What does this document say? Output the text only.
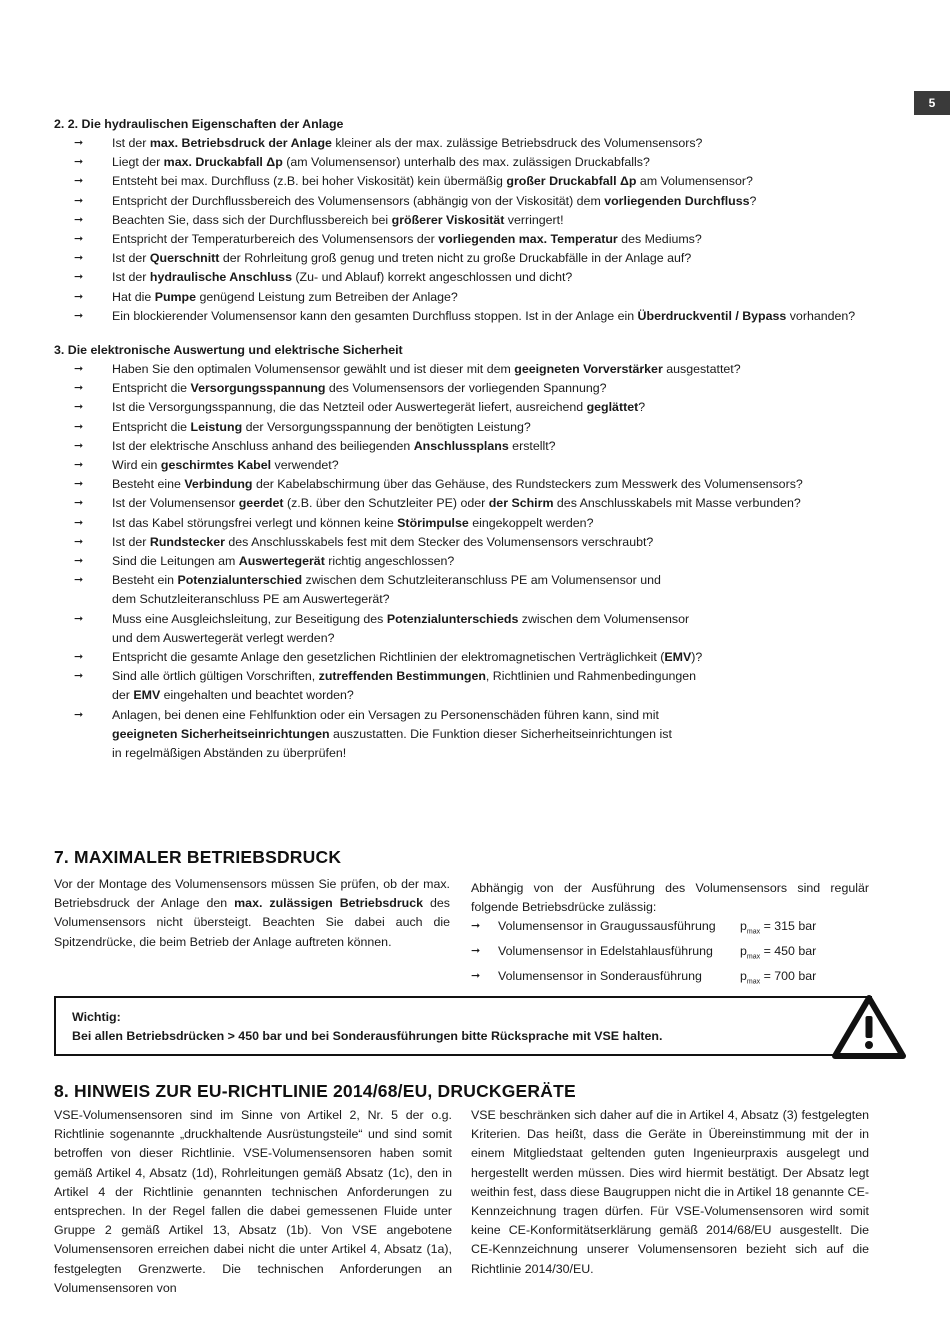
5
2. 2. Die hydraulischen Eigenschaften der Anlage
➞ Ist der max. Betriebsdruck der Anlage kleiner als der max. zulässige Betriebsdruck des Volumensensors?
➞ Liegt der max. Druckabfall Δp (am Volumensensor) unterhalb des max. zulässigen Druckabfalls?
➞ Entsteht bei max. Durchfluss (z.B. bei hoher Viskosität) kein übermäßig großer Druckabfall Δp am Volumensensor?
➞ Entspricht der Durchflussbereich des Volumensensors (abhängig von der Viskosität) dem vorliegenden Durchfluss?
➞ Beachten Sie, dass sich der Durchflussbereich bei größerer Viskosität verringert!
➞ Entspricht der Temperaturbereich des Volumensensors der vorliegenden max. Temperatur des Mediums?
➞ Ist der Querschnitt der Rohrleitung groß genug und treten nicht zu große Druckabfälle in der Anlage auf?
➞ Ist der hydraulische Anschluss (Zu- und Ablauf) korrekt angeschlossen und dicht?
➞ Hat die Pumpe genügend Leistung zum Betreiben der Anlage?
➞ Ein blockierender Volumensensor kann den gesamten Durchfluss stoppen. Ist in der Anlage ein Überdruckventil / Bypass vorhanden?
3. Die elektronische Auswertung und elektrische Sicherheit
➞ Haben Sie den optimalen Volumensensor gewählt und ist dieser mit dem geeigneten Vorverstärker ausgestattet?
➞ Entspricht die Versorgungsspannung des Volumensensors der vorliegenden Spannung?
➞ Ist die Versorgungsspannung, die das Netzteil oder Auswertegerät liefert, ausreichend geglättet?
➞ Entspricht die Leistung der Versorgungsspannung der benötigten Leistung?
➞ Ist der elektrische Anschluss anhand des beiliegenden Anschlussplans erstellt?
➞ Wird ein geschirmtes Kabel verwendet?
➞ Besteht eine Verbindung der Kabelabschirmung über das Gehäuse, des Rundsteckers zum Messwerk des Volumensensors?
➞ Ist der Volumensensor geerdet (z.B. über den Schutzleiter PE) oder der Schirm des Anschlusskabels mit Masse verbunden?
➞ Ist das Kabel störungsfrei verlegt und können keine Störimpulse eingekoppelt werden?
➞ Ist der Rundstecker des Anschlusskabels fest mit dem Stecker des Volumensensors verschraubt?
➞ Sind die Leitungen am Auswertegerät richtig angeschlossen?
➞ Besteht ein Potenzialunterschied zwischen dem Schutzleiteranschluss PE am Volumensensor und
dem Schutzleiteranschluss PE am Auswertegerät?
➞ Muss eine Ausgleichsleitung, zur Beseitigung des Potenzialunterschieds zwischen dem Volumensensor
und dem Auswertegerät verlegt werden?
➞ Entspricht die gesamte Anlage den gesetzlichen Richtlinien der elektromagnetischen Verträglichkeit (EMV)?
➞ Sind alle örtlich gültigen Vorschriften, zutreffenden Bestimmungen, Richtlinien und Rahmenbedingungen
der EMV eingehalten und beachtet worden?
➞ Anlagen, bei denen eine Fehlfunktion oder ein Versagen zu Personenschäden führen kann, sind mit
geeigneten Sicherheitseinrichtungen auszustatten. Die Funktion dieser Sicherheitseinrichtungen ist
in regelmäßigen Abständen zu überprüfen!
7. MAXIMALER BETRIEBSDRUCK
Vor der Montage des Volumensensors müssen Sie prüfen, ob der max. Betriebsdruck der Anlage den max. zulässigen Betriebsdruck des Volumensensors nicht übersteigt. Beachten Sie dabei auch die Spitzendrücke, die beim Betrieb der Anlage auftreten können.
Abhängig von der Ausführung des Volumensensors sind regulär folgende Betriebsdrücke zulässig:
➞ Volumensensor in Graugussausführung $p_{max} = 315$ bar
➞ Volumensensor in Edelstahlausführung $p_{max} = 450$ bar
➞ Volumensensor in Sonderausführung	$p_{max} = 700$ bar
Wichtig:
Bei allen Betriebsdrücken > 450 bar und bei Sonderausführungen bitte Rücksprache mit VSE halten.
8. HINWEIS ZUR EU-RICHTLINIE 2014/68/EU, DRUCKGERÄTE
VSE-Volumensensoren sind im Sinne von Artikel 2, Nr. 5 der o.g. Richtlinie sogenannte „druckhaltende Ausrüstungsteile“ und sind somit betroffen von dieser Richtlinie. VSE-Volumensensoren haben somit gemäß Artikel 4, Absatz (1d), Rohrleitungen gemäß Absatz (1c), den in Artikel 4 der Richtlinie genannten technischen Anforderungen zu entsprechen. In der Regel fallen die dabei gemessenen Fluide unter Gruppe 2 gemäß Artikel 13, Absatz (1b). Von VSE angebotene Volumensensoren erreichen dabei nicht die unter Artikel 4, Absatz (1a), festgelegten Grenzwerte. Die technischen Anforderungen an Volumensensoren von
VSE beschränken sich daher auf die in Artikel 4, Absatz (3) festgelegten Kriterien. Das heißt, dass die Geräte in Übereinstimmung mit der in einem Mitgliedstaat geltenden guten Ingenieurpraxis ausgelegt und hergestellt werden müssen. Dies wird hiermit bestätigt. Der Absatz legt weithin fest, dass diese Baugruppen nicht die in Artikel 18 genannte CE-Kennzeichnung tragen dürfen. Für VSE-Volumensensoren wird somit keine CE-Konformitätserklärung gemäß 2014/68/EU ausgestellt. Die CE-Kennzeichnung unserer Volumensensoren bezieht sich auf die Richtlinie 2014/30/EU.
